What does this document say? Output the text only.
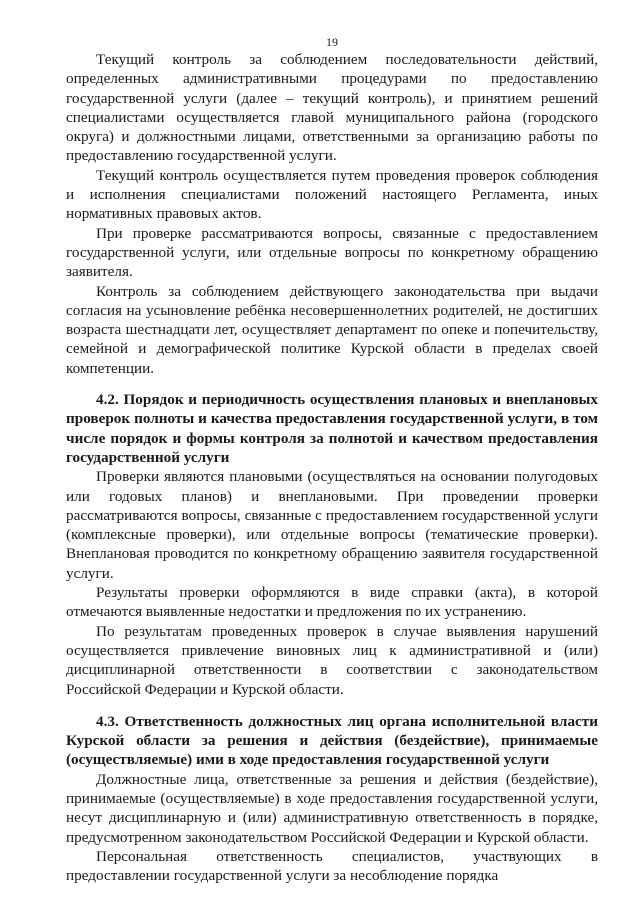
19

Текущий контроль за соблюдением последовательности действий, определенных административными процедурами по предоставлению государственной услуги (далее – текущий контроль), и принятием решений специалистами осуществляется главой муниципального района (городского округа) и должностными лицами, ответственными за организацию работы по предоставлению государственной услуги.

Текущий контроль осуществляется путем проведения проверок соблюдения и исполнения специалистами положений настоящего Регламента, иных нормативных правовых актов.

При проверке рассматриваются вопросы, связанные с предоставлением государственной услуги, или отдельные вопросы по конкретному обращению заявителя.

Контроль за соблюдением действующего законодательства при выдачи согласия на усыновление ребёнка несовершеннолетних родителей, не достигших возраста шестнадцати лет, осуществляет департамент по опеке и попечительству, семейной и демографической политике Курской области в пределах своей компетенции.

4.2. Порядок и периодичность осуществления плановых и внеплановых проверок полноты и качества предоставления государственной услуги, в том числе порядок и формы контроля за полнотой и качеством предоставления государственной услуги

Проверки являются плановыми (осуществляться на основании полугодовых или годовых планов) и внеплановыми. При проведении проверки рассматриваются вопросы, связанные с предоставлением государственной услуги (комплексные проверки), или отдельные вопросы (тематические проверки). Внеплановая проводится по конкретному обращению заявителя государственной услуги.

Результаты проверки оформляются в виде справки (акта), в которой отмечаются выявленные недостатки и предложения по их устранению.

По результатам проведенных проверок в случае выявления нарушений осуществляется привлечение виновных лиц к административной и (или) дисциплинарной ответственности в соответствии с законодательством Российской Федерации и Курской области.

4.3. Ответственность должностных лиц органа исполнительной власти Курской области за решения и действия (бездействие), принимаемые (осуществляемые) ими в ходе предоставления государственной услуги

Должностные лица, ответственные за решения и действия (бездействие), принимаемые (осуществляемые) в ходе предоставления государственной услуги, несут дисциплинарную и (или) административную ответственность в порядке, предусмотренном законодательством Российской Федерации и Курской области.

Персональная ответственность специалистов, участвующих в предоставлении государственной услуги за несоблюдение порядка
